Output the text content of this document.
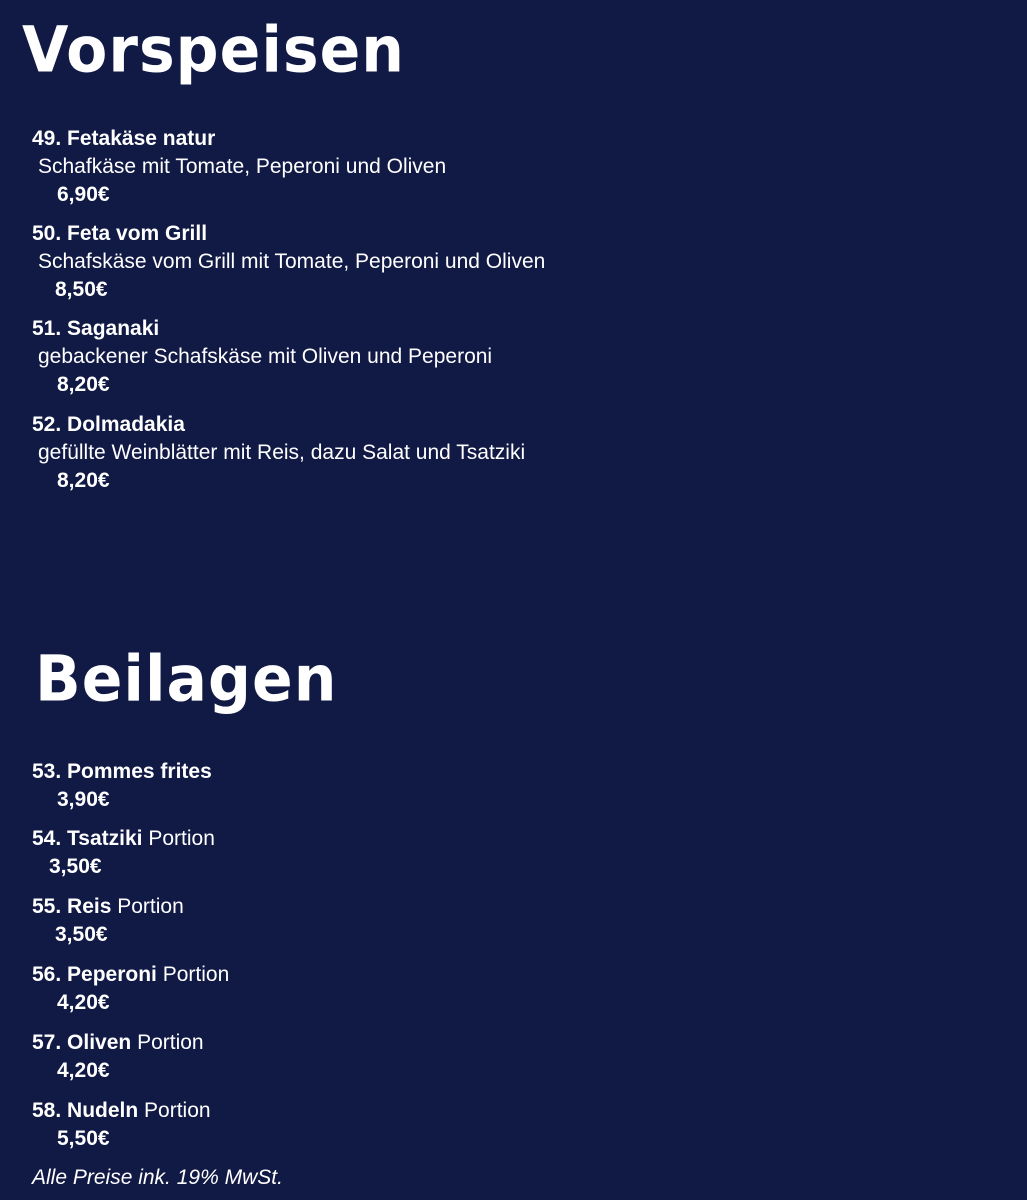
Vorspeisen
49. Fetakäse natur
Schafkäse mit Tomate, Peperoni und Oliven
6,90€
50. Feta vom Grill
Schafskäse vom Grill mit Tomate, Peperoni und Oliven
8,50€
51. Saganaki
gebackener Schafskäse mit Oliven und Peperoni
8,20€
52. Dolmadakia
gefüllte Weinblätter mit Reis, dazu Salat und Tsatziki
8,20€
Beilagen
53. Pommes frites
3,90€
54. Tsatziki Portion
3,50€
55. Reis Portion
3,50€
56. Peperoni Portion
4,20€
57. Oliven Portion
4,20€
58. Nudeln Portion
5,50€
Alle Preise ink. 19% MwSt.
